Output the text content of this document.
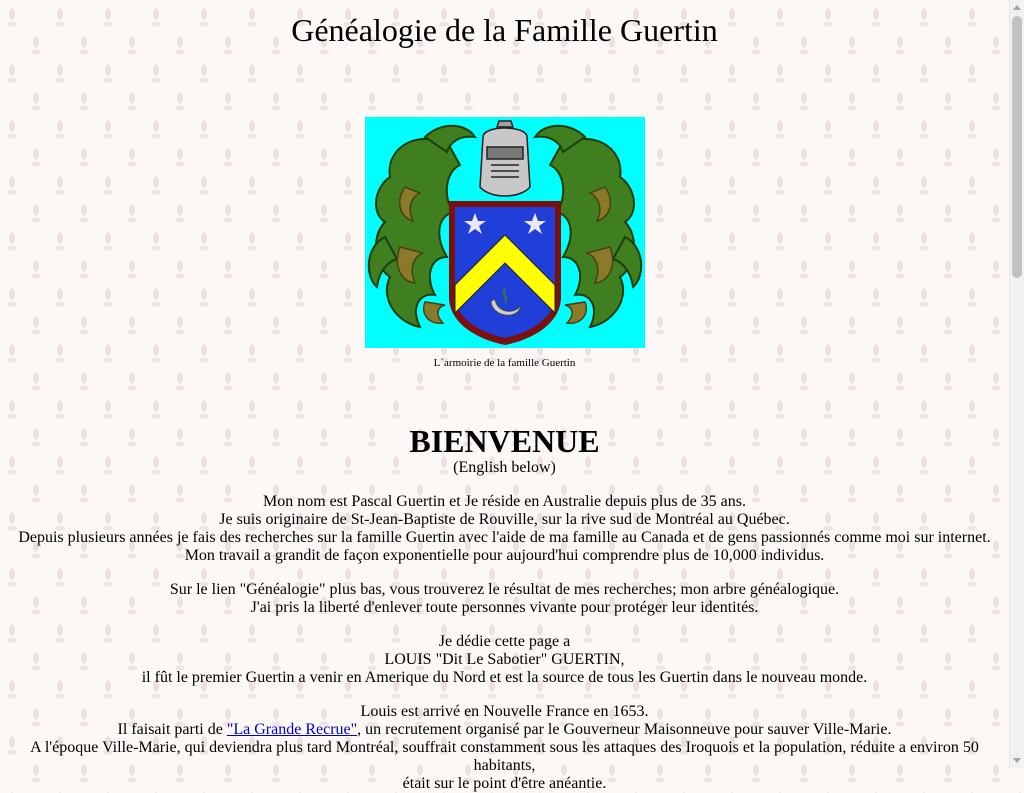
Généalogie de la Famille Guertin
L`armoirie de la famille Guertin
BIENVENUE
(English below)

Mon nom est Pascal Guertin et Je réside en Australie depuis plus de 35 ans.
Je suis originaire de St-Jean-Baptiste de Rouville, sur la rive sud de Montréal au Québec.
Depuis plusieurs années je fais des recherches sur la famille Guertin avec l'aide de ma famille au Canada et de gens passionnés comme moi sur internet.
Mon travail a grandit de façon exponentielle pour aujourd'hui comprendre plus de 10,000 individus.

Sur le lien "Généalogie" plus bas, vous trouverez le résultat de mes recherches; mon arbre généalogique.
J'ai pris la liberté d'enlever toute personnes vivante pour protéger leur identités.

Je dédie cette page a
LOUIS "Dit Le Sabotier" GUERTIN,
il fût le premier Guertin a venir en Amerique du Nord et est la source de tous les Guertin dans le nouveau monde.

Louis est arrivé en Nouvelle France en 1653.
Il faisait parti de "La Grande Recrue", un recrutement organisé par le Gouverneur Maisonneuve pour sauver Ville-Marie.
A l'époque Ville-Marie, qui deviendra plus tard Montréal, souffrait constamment sous les attaques des Iroquois et la population, réduite a environ 50 habitants,
était sur le point d'être anéantie.
